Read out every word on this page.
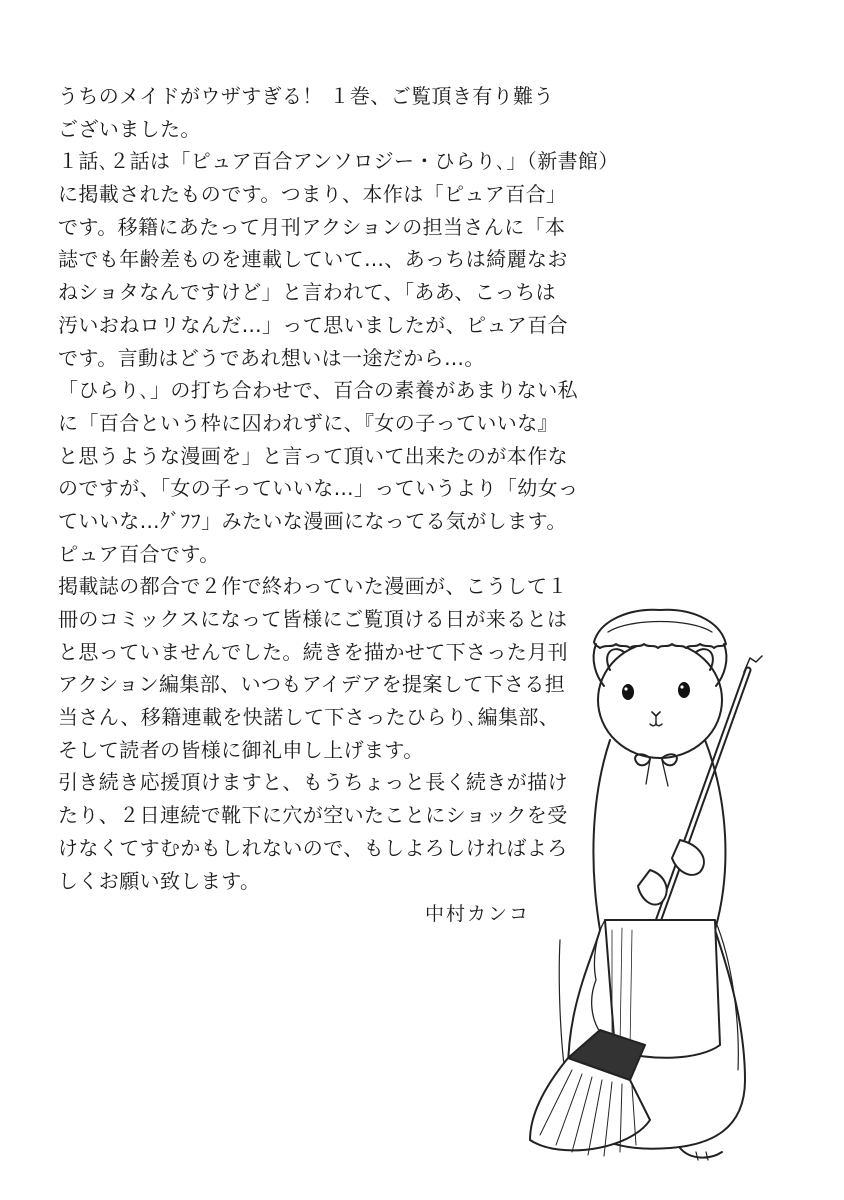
うちのメイドがウザすぎる！ １巻、ご覧頂き有り難う
ございました。
１話､２話は「ピュア百合アンソロジー・ひらり､」（新書館）
に掲載されたものです。つまり、本作は「ピュア百合」
です。移籍にあたって月刊アクションの担当さんに「本
誌でも年齢差ものを連載していて…、あっちは綺麗なお
ねショタなんですけど」と言われて、「ああ、こっちは
汚いおねロリなんだ…」って思いましたが、ピュア百合
です。言動はどうであれ想いは一途だから…。
「ひらり､」の打ち合わせで、百合の素養があまりない私
に「百合という枠に囚われずに、『女の子っていいな』
と思うような漫画を」と言って頂いて出来たのが本作な
のですが、「女の子っていいな…」っていうより「幼女っ
ていいな…ｸﾞﾌﾌ」みたいな漫画になってる気がします。
ピュア百合です。
掲載誌の都合で２作で終わっていた漫画が、こうして１
冊のコミックスになって皆様にご覧頂ける日が来るとは
と思っていませんでした。続きを描かせて下さった月刊
アクション編集部、いつもアイデアを提案して下さる担
当さん、移籍連載を快諾して下さったひらり､編集部、
そして読者の皆様に御礼申し上げます。
引き続き応援頂けますと、もうちょっと長く続きが描け
たり、２日連続で靴下に穴が空いたことにショックを受
けなくてすむかもしれないので、もしよろしければよろ
しくお願い致します。
中村カンコ
